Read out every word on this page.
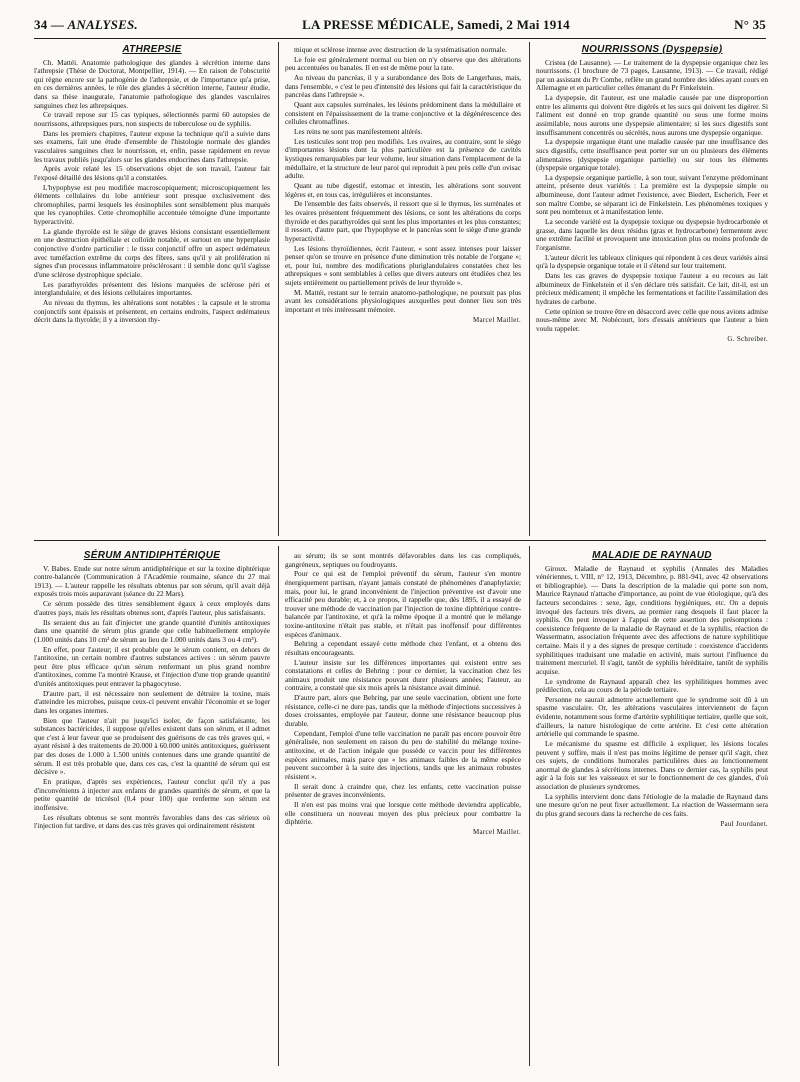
34 — ANALYSES.	LA PRESSE MÉDICALE, Samedi, 2 Mai 1914	N° 35
ATHREPSIE

Ch. Mattéi. Anatomie pathologique des glandes à sécrétion interne dans l'athrepsie (Thèse de Doctorat, Montpellier, 1914). — En raison de l'obscurité qui règne encore sur la pathogénie de l'athrepsie, et de l'importance qu'a prise, en ces dernières années, le rôle des glandes à sécrétion interne, l'auteur étudie, dans sa thèse inaugurale, l'anatomie pathologique des glandes vasculaires sanguines chez les athrepsiques.

Ce travail repose sur 15 cas typiques, sélectionnés parmi 60 autopsies de nourrissons, athrepsiques purs, non suspects de tuberculose ou de syphilis.

Dans les premiers chapitres, l'auteur expose la technique qu'il a suivie dans ses examens, fait une étude d'ensemble de l'histologie normale des glandes vasculaires sanguines chez le nourrisson, et, enfin, passe rapidement en revue les travaux publiés jusqu'alors sur les glandes endocrines dans l'athrepsie.

Après avoir relaté les 15 observations objet de son travail, l'auteur fait l'exposé détaillé des lésions qu'il a constatées.

L'hypophyse est peu modifiée macroscopiquement; microscopiquement les éléments cellulaires du lobe antérieur sont presque exclusivement des chromophiles, parmi lesquels les éosinophiles sont sensiblement plus marqués que les cyanophiles. Cette chromophilie accentuée témoigne d'une importante hyperactivité.

La glande thyroïde est le siège de graves lésions consistant essentiellement en une destruction épithéliale et colloïde notable, et surtout en une hyperplasie conjonctive d'ordre particulier : le tissu conjonctif offre un aspect œdémateux avec tuméfaction extrême du corps des fibres, sans qu'il y ait prolifération ni signes d'un processus inflammatoire présclérosant : il semble donc qu'il s'agisse d'une sclérose dystrophique spéciale.

Les parathyroïdes présentent des lésions marquées de sclérose péri et interglandulaire, et des lésions cellulaires importantes.

Au niveau du thymus, les altérations sont notables : la capsule et le stroma conjonctifs sont épaissis et présentent, en certains endroits, l'aspect œdémateux décrit dans la thyroïde; il y a inversion thy-

mique et sclérose intense avec destruction de la systématisation normale.

Le foie est généralement normal ou bien on n'y observe que des altérations peu accentuées ou banales. Il en est de même pour la rate.

Au niveau du pancréas, il y a surabondance des îlots de Langerhaus, mais, dans l'ensemble, « c'est le peu d'intensité des lésions qui fait la caractéristique du pancréas dans l'athrepsie ».

Quant aux capsules surrénales, les lésions prédominent dans la médullaire et consistent en l'épaississement de la trame conjonctive et la dégénérescence des cellules chromaffines.

Les reins ne sont pas manifestement altérés.

Les testicules sont trop peu modifiés. Les ovaires, au contraire, sont le siège d'importantes lésions dont la plus particulière est la présence de cavités kystiques remarquables par leur volume, leur situation dans l'emplacement de la médullaire, et la structure de leur paroi qui reproduit à peu près celle d'un ovisac adulte.

Quant au tube digestif, estomac et intestin, les altérations sont souvent légères et, en tous cas, irrégulières et inconstantes.

De l'ensemble des faits observés, il ressort que si le thymus, les surrénales et les ovaires présentent fréquemment des lésions, ce sont les altérations du corps thyroïde et des parathyroïdes qui sont les plus importantes et les plus constantes; il ressort, d'autre part, que l'hypophyse et le pancréas sont le siège d'une grande hyperactivité.

Les lésions thyroïdiennes, écrit l'auteur, « sont assez intenses pour laisser penser qu'on se trouve en présence d'une diminution très notable de l'organe »; et, pour lui, nombre des modifications pluriglandulaires constatées chez les athrepsiques « sont semblables à celles que divers auteurs ont étudiées chez les sujets entièrement ou partiellement privés de leur thyroïde ».

M. Mattéi, restant sur le terrain anatomo-pathologique, ne poursuit pas plus avant les considérations physiologiques auxquelles peut donner lieu son très important et très intéressant mémoire.

Marcel Maillet.

NOURRISSONS (Dyspepsie)

Cristea (de Lausanne). — Le traitement de la dyspepsie organique chez les nourrissons. (1 brochure de 73 pages, Lausanne, 1913). — Ce travail, rédigé par un assistant du Pr Combe, reflète un grand nombre des idées ayant cours en Allemagne et en particulier celles émanant du Pr Finkelstein.

La dyspepsie, dit l'auteur, est une maladie causée par une disproportion entre les aliments qui doivent être digérés et les sucs qui doivent les digérer. Si l'aliment est donné en trop grande quantité ou sous une forme moins assimilable, nous aurons une dyspepsie alimentaire; si les sucs digestifs sont insuffisamment concentrés ou sécrétés, nous aurons une dyspepsie organique.

La dyspepsie organique étant une maladie causée par une insuffisance des sucs digestifs, cette insuffisance peut porter sur un ou plusieurs des éléments alimentaires (dyspepsie organique partielle) ou sur tous les éléments (dyspepsie organique totale).

La dyspepsie organique partielle, à son tour, suivant l'enzyme prédominant atteint, présente deux variétés : La première est la dyspepsie simple ou albumineuse, dont l'auteur admet l'existence, avec Biedert, Escherich, Feer et son maître Combe, se séparant ici de Finkelstein. Les phénomènes toxiques y sont peu nombreux et à manifestation lente.

La seconde variété est la dyspepsie toxique ou dyspepsie hydrocarbonée et grasse, dans laquelle les deux résidus (gras et hydrocarbone) fermentent avec une extrême facilité et provoquent une intoxication plus ou moins profonde de l'organisme.

L'auteur décrit les tableaux cliniques qui répondent à ces deux variétés ainsi qu'à la dyspepsie organique totale et il s'étend sur leur traitement.

Dans les cas graves de dyspepsie toxique l'auteur a eu recours au lait albumineux de Finkelstein et il s'en déclare très satisfait. Ce lait, dit-il, est un précieux médicament; il empêche les fermentations et facilite l'assimilation des hydrates de carbone.

Cette opinion se trouve être en désaccord avec celle que nous avions admise nous-même avec M. Nobécourt, lors d'essais antérieurs que l'auteur a bien voulu rappeler.

G. Schreiber.

SÉRUM ANTIDIPHTÉRIQUE

V. Babes. Etude sur notre sérum antidiphtérique et sur la toxine diphtérique contre-balancée (Communication à l'Académie roumaine, séance du 27 mai 1913). — L'auteur rappelle les résultats obtenus par son sérum, qu'il avait déjà exposés trois mois auparavant (séance du 22 Mars).

Ce sérum possède des titres sensiblement égaux à ceux employés dans d'autres pays, mais les résultats obtenus sont, d'après l'auteur, plus satisfaisants.

Ils seraient dus au fait d'injecter une grande quantité d'unités antitoxiques dans une quantité de sérum plus grande que celle habituellement employée (1.000 unités dans 10 cm³ de sérum au lieu de 1.000 unités dans 3 ou 4 cm³).

En effet, pour l'auteur; il est probable que le sérum contient, en dehors de l'antitoxine, un certain nombre d'autres substances actives : un sérum pauvre peut être plus efficace qu'un sérum renfermant un plus grand nombre d'antitoxines, comme l'a montré Krause, et l'injection d'une trop grande quantité d'unités antitoxiques peut entraver la phagocytose.

D'autre part, il est nécessaire non seulement de détruire la toxine, mais d'atteindre les microbes, puisque ceux-ci peuvent envahir l'économie et se loger dans les organes internes.

Bien que l'auteur n'ait pu jusqu'ici isoler, de façon satisfaisante, les substances bactéricides, il suppose qu'elles existent dans son sérum, et il admet que c'est à leur faveur que se produisent des guérisons de cas très graves qui, « ayant résisté à des traitements de 20.000 à 60.000 unités antitoxiques, guérissent par des doses de 1.000 à 1.500 unités contenues dans une grande quantité de sérum. Il est très probable que, dans ces cas, c'est la quantité de sérum qui est décisive ».

En pratique, d'après ses expériences, l'auteur conclut qu'il n'y a pas d'inconvénients à injecter aux enfants de grandes quantités de sérum, et que la petite quantité de tricrésol (0,4 pour 100) que renferme son sérum est inoffensive.

Les résultats obtenus se sont montrés favorables dans des cas sérieux où l'injection fut tardive, et dans des cas très graves qui ordinairement résistent

au sérum; ils se sont montrés défavorables dans les cas compliqués, gangréneux, septiques ou foudroyants.

Pour ce qui est de l'emploi préventif du sérum, l'auteur s'en montre énergiquement partisan, n'ayant jamais constaté de phénomènes d'anaphylaxie; mais, pour lui, le grand inconvénient de l'injection préventive est d'avoir une efficacité peu durable; et, à ce propos, il rappelle que, dès 1895, il a essayé de trouver une méthode de vaccination par l'injection de toxine diphtérique contre-balancée par l'antitoxine, et qu'à la même époque il a montré que le mélange toxine-antitoxine n'était pas stable, et n'était pas inoffensif pour différentes espèces d'animaux.

Behring a cependant essayé cette méthode chez l'enfant, et a obtenu des résultats encourageants.

L'auteur insiste sur les différences importantes qui existent entre ses constatations et celles de Behring : pour ce dernier, la vaccination chez les animaux produit une résistance pouvant durer plusieurs années; l'auteur, au contraire, a constaté que six mois après la résistance avait diminué.

D'autre part, alors que Behring, par une seule vaccination, obtient une forte résistance, celle-ci ne dure pas, tandis que la méthode d'injections successives à doses croissantes, employée par l'auteur, donne une résistance beaucoup plus durable.

Cependant, l'emploi d'une telle vaccination ne paraît pas encore pouvoir être généralisée, non seulement en raison du peu de stabilité du mélange toxine-antitoxine, et de l'action inégale que possède ce vaccin pour les différentes espèces animales, mais parce que « les animaux faibles de la même espèce peuvent succomber à la suite des injections, tandis que les animaux robustes résistent ».

Il serait donc à craindre que, chez les enfants, cette vaccination puisse présenter de graves inconvénients.

Il n'en est pas moins vrai que lorsque cette méthode deviendra applicable, elle constituera un nouveau moyen des plus précieux pour combattre la diphtérie.

Marcel Maillet.

MALADIE DE RAYNAUD

Giroux. Maladie de Raynaud et syphilis (Annales des Maladies vénériennes, t. VIII, n° 12, 1913, Décembre, p. 881-941, avec 42 observations et bibliographie). — Dans la description de la maladie qui porte son nom, Maurice Raynaud n'attache d'importance, au point de vue étiologique, qu'à des facteurs secondaires : sexe, âge, conditions hygiéniques, etc. On a depuis invoqué des facteurs très divers, au premier rang desquels il faut placer la syphilis. On peut invoquer à l'appui de cette assertion des présomptions : coexistence fréquente de la maladie de Raynaud et de la syphilis, réaction de Wassermann, association fréquente avec des affections de nature syphilitique certaine. Mais il y a des signes de presque certitude : coexistence d'accidents syphilitiques traduisant une maladie en activité, mais surtout l'influence du traitement mercuriel. Il s'agit, tantôt de syphilis héréditaire, tantôt de syphilis acquise.

Le syndrome de Raynaud apparaît chez les syphilitiques hommes avec prédilection, cela au cours de la période tertiaire.

Personne ne saurait admettre actuellement que le syndrome soit dû à un spasme vasculaire. Or, les altérations vasculaires interviennent de façon évidente, notamment sous forme d'artérite syphilitique tertiaire, quelle que soit, d'ailleurs, la nature histologique de cette artérite. Et c'est cette altération artérielle qui commande le spasme.

Le mécanisme du spasme est difficile à expliquer, les lésions locales peuvent y suffire, mais il n'est pas moins légitime de penser qu'il s'agit, chez ces sujets, de conditions humorales particulières dues au fonctionnement anormal de glandes à sécrétions internes. Dans ce dernier cas, la syphilis peut agir à la fois sur les vaisseaux et sur le fonctionnement de ces glandes, d'où association de plusieurs syndromes.

La syphilis intervient donc dans l'étiologie de la maladie de Raynaud dans une mesure qu'on ne peut fixer actuellement. La réaction de Wassermann sera du plus grand secours dans la recherche de ces faits.

Paul Jourdanet.
